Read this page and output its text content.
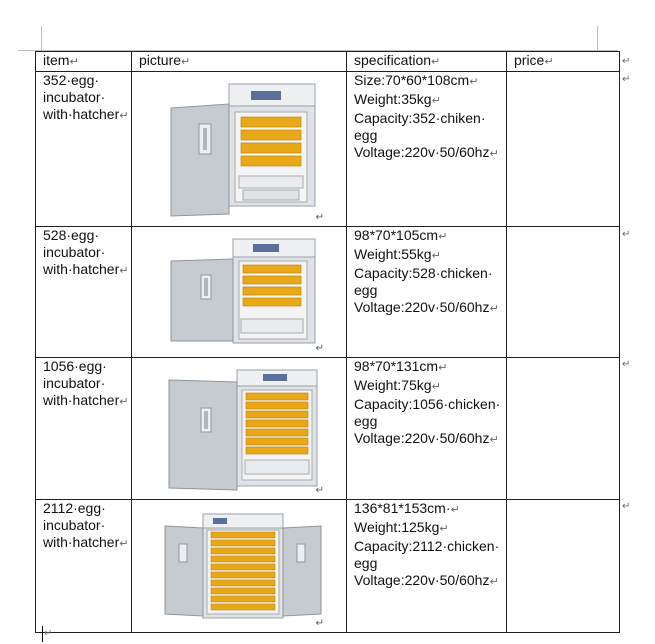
item↵	picture↵	specification↵	price↵

352·egg·
incubator·
with·hatcher↵	↵	Size:70*60*108cm↵
Weight:35kg↵
Capacity:352·chiken·
egg
Voltage:220v·50/60hz↵	

528·egg·
incubator·
with·hatcher↵	↵	98*70*105cm↵
Weight:55kg↵
Capacity:528·chicken·
egg
Voltage:220v·50/60hz↵	

1056·egg·
incubator·
with·hatcher↵	↵	98*70*131cm↵
Weight:75kg↵
Capacity:1056·chicken·
egg
Voltage:220v·50/60hz↵	

2112·egg·
incubator·
with·hatcher↵	↵	136*81*153cm·↵
Weight:125kg↵
Capacity:2112·chicken·
egg
Voltage:220v·50/60hz↵	

↵
↵
↵
↵
↵
↵
